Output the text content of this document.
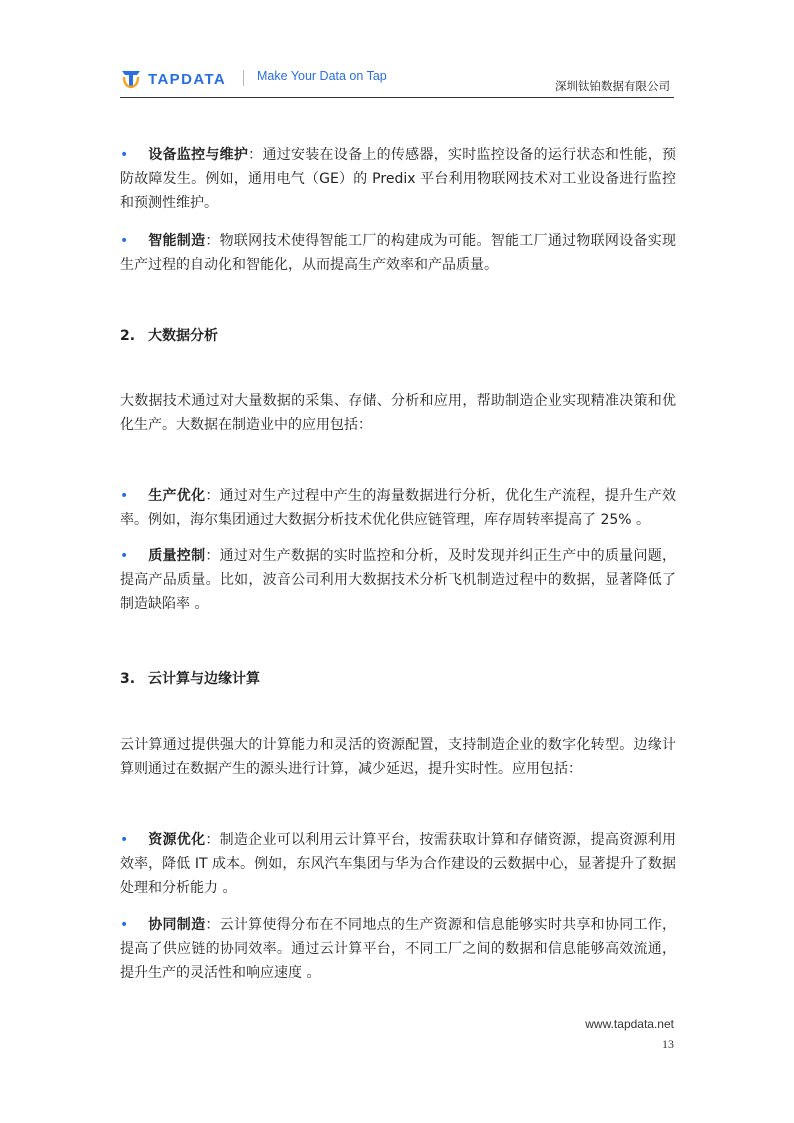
TAPDATA Make Your Data on Tap
深圳钛铂数据有限公司
• 设备监控与维护：通过安装在设备上的传感器，实时监控设备的运行状态和性能，预防故障发生。例如，通用电气（GE）的 Predix 平台利用物联网技术对工业设备进行监控和预测性维护。
• 智能制造：物联网技术使得智能工厂的构建成为可能。智能工厂通过物联网设备实现生产过程的自动化和智能化，从而提高生产效率和产品质量。
2. 大数据分析
大数据技术通过对大量数据的采集、存储、分析和应用，帮助制造企业实现精准决策和优化生产。大数据在制造业中的应用包括：
• 生产优化：通过对生产过程中产生的海量数据进行分析，优化生产流程，提升生产效率。例如，海尔集团通过大数据分析技术优化供应链管理，库存周转率提高了 25% 。
• 质量控制：通过对生产数据的实时监控和分析，及时发现并纠正生产中的质量问题，提高产品质量。比如，波音公司利用大数据技术分析飞机制造过程中的数据，显著降低了制造缺陷率 。
3. 云计算与边缘计算
云计算通过提供强大的计算能力和灵活的资源配置，支持制造企业的数字化转型。边缘计算则通过在数据产生的源头进行计算，减少延迟，提升实时性。应用包括：
• 资源优化：制造企业可以利用云计算平台，按需获取计算和存储资源，提高资源利用效率，降低 IT 成本。例如，东风汽车集团与华为合作建设的云数据中心，显著提升了数据处理和分析能力 。
• 协同制造：云计算使得分布在不同地点的生产资源和信息能够实时共享和协同工作，提高了供应链的协同效率。通过云计算平台，不同工厂之间的数据和信息能够高效流通，提升生产的灵活性和响应速度 。
www.tapdata.net
13
